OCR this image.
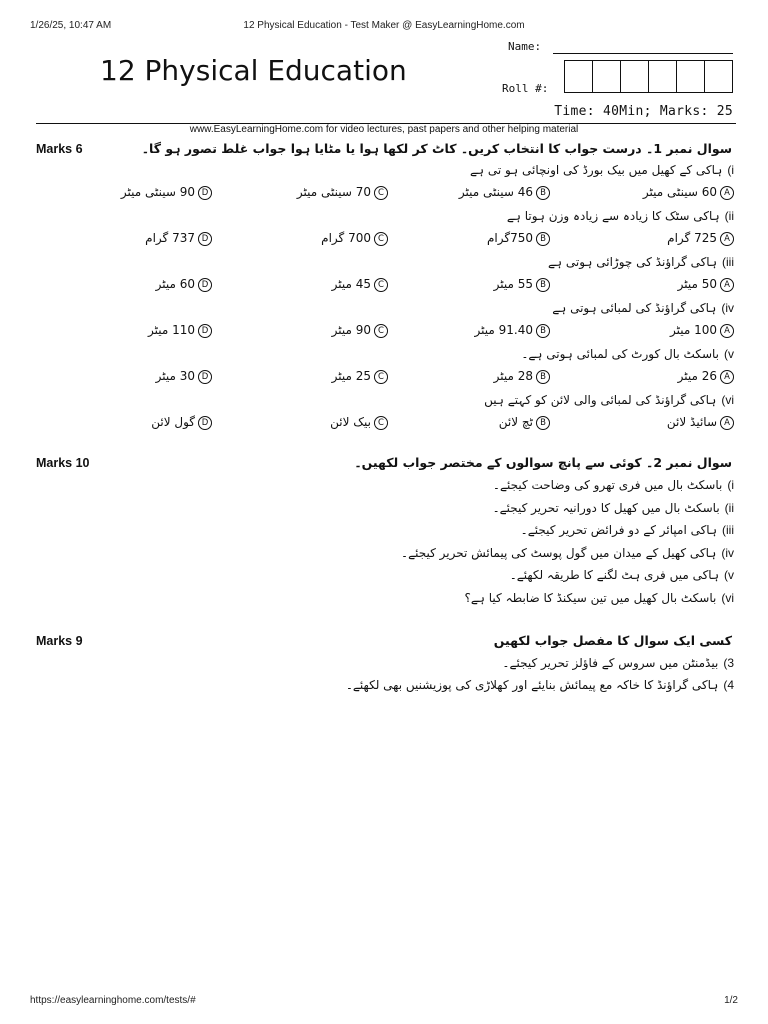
1/26/25, 10:47 AM	12 Physical Education - Test Maker @ EasyLearningHome.com
12 Physical Education
Name:
Roll #:
Time: 40Min; Marks: 25
www.EasyLearningHome.com for video lectures, past papers and other helping material
Marks 6	سوال نمبر 1۔ درست جواب کا انتخاب کریں۔ کاٹ کر لکھا ہوا یا مٹایا ہوا جواب غلط تصور ہو گا۔
i)ہاکی کے کھیل میں بیک بورڈ کی اونچائی ہو تی ہے
A60 سینٹی میٹر
B46 سینٹی میٹر
C70 سینٹی میٹر
D90 سینٹی میٹر
ii)ہاکی سٹک کا زیادہ سے زیادہ وزن ہوتا ہے
A725 گرام
B750گرام
C700 گرام
D737 گرام
iii)ہاکی گراؤنڈ کی چوڑائی ہوتی ہے
A50 میٹر
B55 میٹر
C45 میٹر
D60 میٹر
iv)ہاکی گراؤنڈ کی لمبائی ہوتی ہے
A100 میٹر
B91.40 میٹر
C90 میٹر
D110 میٹر
v)باسکٹ بال کورٹ کی لمبائی ہوتی ہے۔
A26 میٹر
B28 میٹر
C25 میٹر
D30 میٹر
vi)ہاکی گراؤنڈ کی لمبائی والی لائن کو کہتے ہیں
Aسائیڈ لائن
Bٹچ لائن
Cبیک لائن
Dگول لائن
Marks 10	سوال نمبر 2۔ کوئی سے پانچ سوالوں کے مختصر جواب لکھیں۔
i)باسکٹ بال میں فری تھرو کی وضاحت کیجئے۔
ii)باسکٹ بال میں کھیل کا دورانیہ تحریر کیجئے۔
iii)ہاکی امپائر کے دو فرائض تحریر کیجئے۔
iv)ہاکی کھیل کے میدان میں گول پوسٹ کی پیمائش تحریر کیجئے۔
v)ہاکی میں فری ہٹ لگنے کا طریقہ لکھئے۔
vi)باسکٹ بال کھیل میں تین سیکنڈ کا ضابطہ کیا ہے؟
Marks 9	کسی ایک سوال کا مفصل جواب لکھیں
3)بیڈمنٹن میں سروس کے فاؤلز تحریر کیجئے۔
4)ہاکی گراؤنڈ کا خاکہ مع پیمائش بنایئے اور کھلاڑی کی پوزیشنیں بھی لکھئے۔
https://easylearninghome.com/tests/#	1/2
